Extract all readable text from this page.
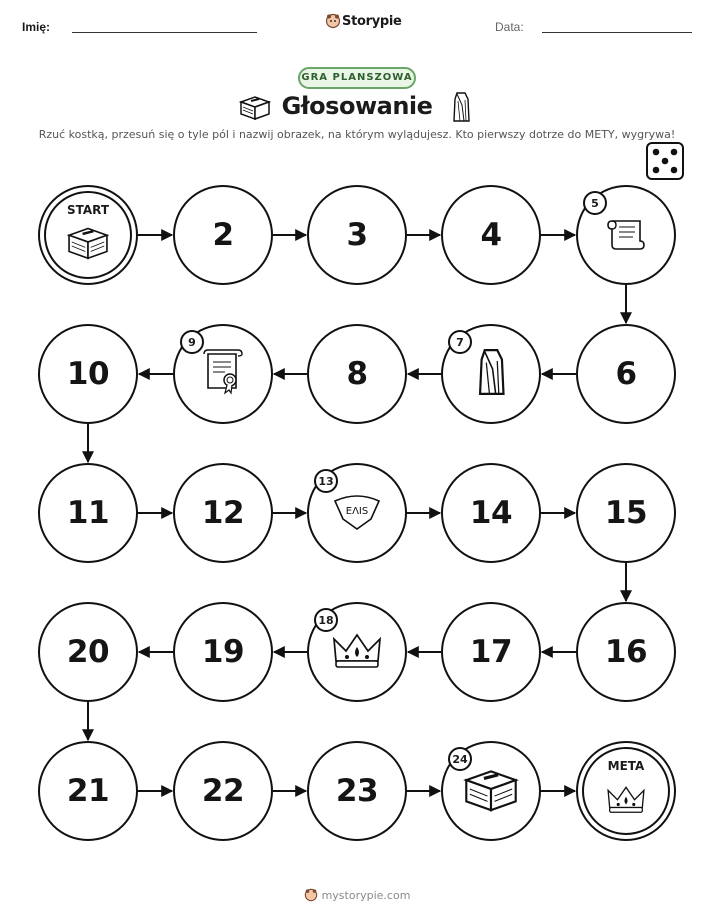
Imię:	Storypie	Data:
GRA PLANSZOWA
Głosowanie
Rzuć kostką, przesuń się o tyle pól i nazwij obrazek, na którym wylądujesz. Kto pierwszy dotrze do METY, wygrywa!
START
2	3	4
5
6
7
8
9
10
11	12	EΛIS
13
14	15
16
17
18
19
20
21	22	23
24	META
mystorypie.com
